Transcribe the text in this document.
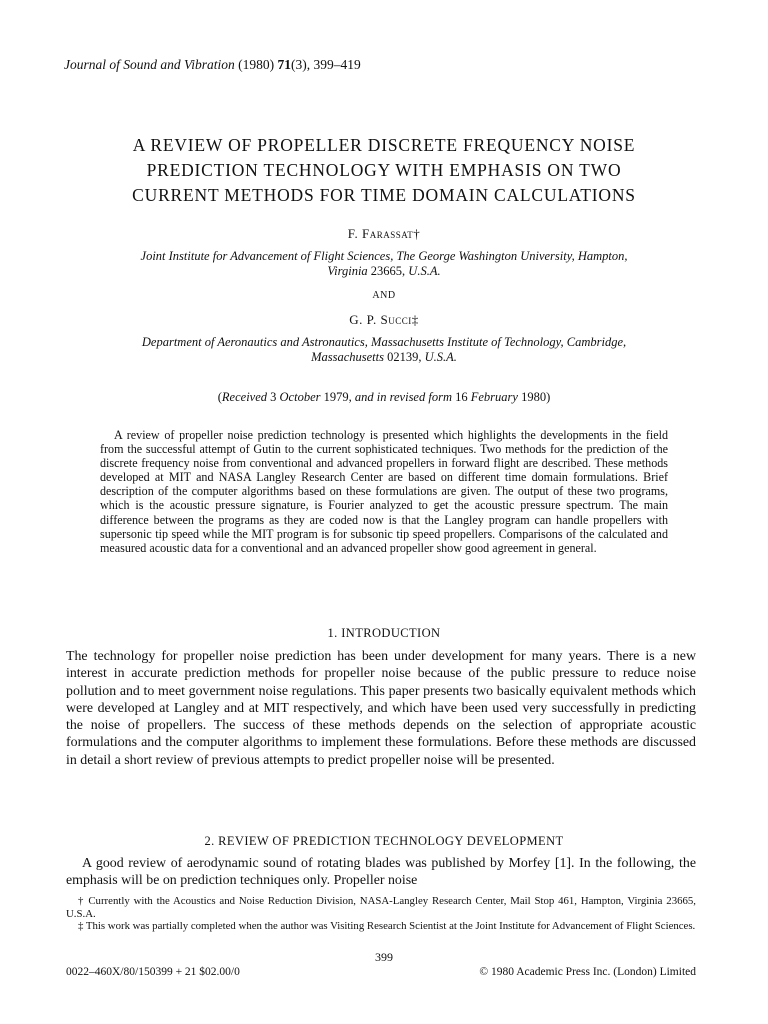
Journal of Sound and Vibration (1980) 71(3), 399–419
A REVIEW OF PROPELLER DISCRETE FREQUENCY NOISE
PREDICTION TECHNOLOGY WITH EMPHASIS ON TWO
CURRENT METHODS FOR TIME DOMAIN CALCULATIONS
F. Farassat†
Joint Institute for Advancement of Flight Sciences, The George Washington University, Hampton,
Virginia 23665, U.S.A.
AND
G. P. Succi‡
Department of Aeronautics and Astronautics, Massachusetts Institute of Technology, Cambridge,
Massachusetts 02139, U.S.A.
(Received 3 October 1979, and in revised form 16 February 1980)

A review of propeller noise prediction technology is presented which highlights the developments in the field from the successful attempt of Gutin to the current sophisticated techniques. Two methods for the prediction of the discrete frequency noise from conventional and advanced propellers in forward flight are described. These methods developed at MIT and NASA Langley Research Center are based on different time domain formulations. Brief description of the computer algorithms based on these formulations are given. The output of these two programs, which is the acoustic pressure signature, is Fourier analyzed to get the acoustic pressure spectrum. The main difference between the programs as they are coded now is that the Langley program can handle propellers with supersonic tip speed while the MIT program is for subsonic tip speed propellers. Comparisons of the calculated and measured acoustic data for a conventional and an advanced propeller show good agreement in general.

1. INTRODUCTION

The technology for propeller noise prediction has been under development for many years. There is a new interest in accurate prediction methods for propeller noise because of the public pressure to reduce noise pollution and to meet government noise regulations. This paper presents two basically equivalent methods which were developed at Langley and at MIT respectively, and which have been used very successfully in predicting the noise of propellers. The success of these methods depends on the selection of appropriate acoustic formulations and the computer algorithms to implement these formulations. Before these methods are discussed in detail a short review of previous attempts to predict propeller noise will be presented.

2. REVIEW OF PREDICTION TECHNOLOGY DEVELOPMENT

A good review of aerodynamic sound of rotating blades was published by Morfey [1]. In the following, the emphasis will be on prediction techniques only. Propeller noise

† Currently with the Acoustics and Noise Reduction Division, NASA-Langley Research Center, Mail Stop 461, Hampton, Virginia 23665, U.S.A.

‡ This work was partially completed when the author was Visiting Research Scientist at the Joint Institute for Advancement of Flight Sciences.

399
0022–460X/80/150399 + 21 $02.00/0	© 1980 Academic Press Inc. (London) Limited
